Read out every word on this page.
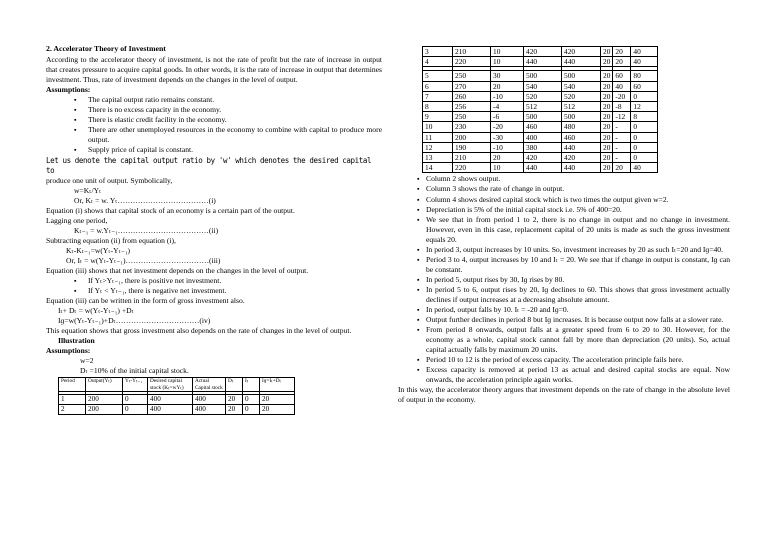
2. Accelerator Theory of Investment

According to the accelerator theory of investment, is not the rate of profit but the rate of increase in output that creates pressure to acquire capital goods. In other words, it is the rate of increase in output that determines investment. Thus, rate of investment depends on the changes in the level of output.

Assumptions:

▪ The capital output ratio remains constant.
▪ There is no excess capacity in the economy.
▪ There is elastic credit facility in the economy.
▪ There are other unemployed resources in the economy to combine with capital to produce more output.
▪ Supply price of capital is constant.

Let us denote the capital output ratio by 'w' which denotes the desired capital to

produce one unit of output. Symbolically,

w=Kₜ/Yₜ

Or, Kₜ = w. Yₜ………………………………(i)

Equation (i) shows that capital stock of an economy is a certain part of the output.

Lagging one period,

Kₜ₋₁ = w.Yₜ₋₁………………………………(ii)

Subtracting equation (ii) from equation (i),

Kₜ-Kₜ₋₁=w(Yₜ-Yₜ₋₁)

Or, Iₜ = w(Yₜ-Yₜ₋₁)……………………………(iii)

Equation (iii) shows that net investment depends on the changes in the level of output.

▪ If Yₜ>Yₜ₋₁, there is positive net investment.
▪ If Yₜ < Yₜ₋₁, there is negative net investment.

Equation (iii) can be written in the form of gross investment also.

Iₜ+ Dₜ = w(Yₜ-Yₜ₋₁) +Dₜ

Iɡ=w(Yₜ-Yₜ₋₁)+Dₜ……………………………(iv)

This equation shows that gross investment also depends on the rate of changes in the level of output.

Illustration

Assumptions:

w=2

Dₜ =10% of the initial capital stock.

Period	Output(Yₜ)	Yₜ-Yₜ₋₁	Desired capital stock (Kₜ=wYₜ)	Actual Capital stock	Dₜ	Iₜ	Iɡ=Iₜ+Dₜ

1	200	0	400	400	20	0	20
2	200	0	400	400	20	0	20
3	210	10	420	420	20	20	40
4	220	10	440	440	20	20	40

5	250	30	500	500	20	60	80
6	270	20	540	540	20	40	60
7	260	-10	520	520	20	-20	0
8	256	-4	512	512	20	-8	12
9	250	-6	500	500	20	-12	8
10	230	-20	460	480	20	-	0
11	200	-30	400	460	20	-	0
12	190	-10	380	440	20	-	0
13	210	20	420	420	20	-	0
14	220	10	440	440	20	20	40
▪ Column 2 shows output.
▪ Column 3 shows the rate of change in output.
▪ Column 4 shows desired capital stock which is two times the output given w=2.
▪ Depreciation is 5% of the initial capital stock i.e. 5% of 400=20.
▪ We see that in from period 1 to 2, there is no change in output and no change in investment. However, even in this case, replacement capital of 20 units is made as such the gross investment equals 20.
▪ In period 3, output increases by 10 units. So, investment increases by 20 as such Iₜ=20 and Iɡ=40.
▪ Period 3 to 4, output increases by 10 and Iₜ = 20. We see that if change in output is constant, Iɡ can be constant.
▪ In period 5, output rises by 30, Iɡ rises by 80.
▪ In period 5 to 6, output rises by 20, Iɡ declines to 60. This shows that gross investment actually declines if output increases at a decreasing absolute amount.
▪ In period, output falls by 10. Iₜ = -20 and Iɡ=0.
▪ Output further declines in period 8 but Iɡ increases. It is because output now falls at a slower rate.
▪ From period 8 onwards, output falls at a greater speed from 6 to 20 to 30. However, for the economy as a whole, capital stock cannot fall by more than depreciation (20 units). So, actual capital actually falls by maximum 20 units.
▪ Period 10 to 12 is the period of excess capacity. The acceleration principle fails here.
▪ Excess capacity is removed at period 13 as actual and desired capital stocks are equal. Now onwards, the acceleration principle again works.

In this way, the accelerator theory argues that investment depends on the rate of change in the absolute level of output in the economy.
